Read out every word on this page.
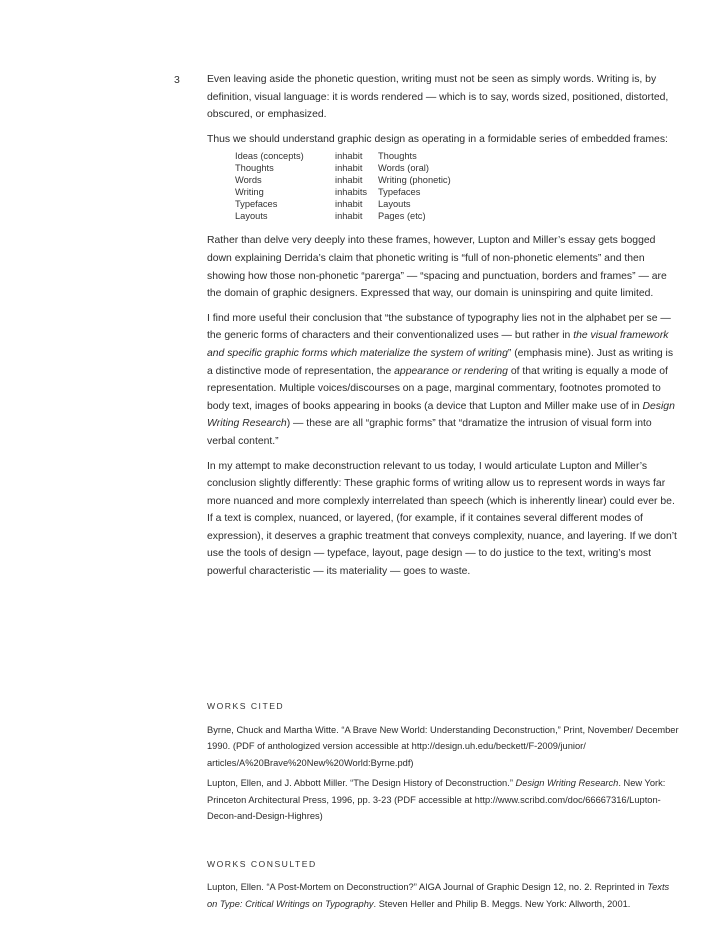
3	Even leaving aside the phonetic question, writing must not be seen as simply words. Writing is, by definition, visual language: it is words rendered — which is to say, words sized, positioned, distorted, obscured, or emphasized.

Thus we should understand graphic design as operating in a formidable series of embedded frames:

Ideas (concepts)	inhabit	Thoughts
Thoughts	inhabit	Words (oral)
Words	inhabit	Writing (phonetic)
Writing	inhabits	Typefaces
Typefaces	inhabit	Layouts
Layouts	inhabit	Pages (etc)

Rather than delve very deeply into these frames, however, Lupton and Miller’s essay gets bogged down explaining Derrida’s claim that phonetic writing is “full of non-phonetic elements” and then showing how those non-phonetic “parerga” — “spacing and punctuation, borders and frames” — are the domain of graphic designers. Expressed that way, our domain is uninspiring and quite limited.

I find more useful their conclusion that “the substance of typography lies not in the alphabet per se — the generic forms of characters and their conventionalized uses — but rather in the visual framework and specific graphic forms which materialize the system of writing” (emphasis mine). Just as writing is a distinctive mode of representation, the appearance or rendering of that writing is equally a mode of representation. Multiple voices/discourses on a page, marginal commentary, footnotes promoted to body text, images of books appearing in books (a device that Lupton and Miller make use of in Design Writing Research) — these are all “graphic forms” that “dramatize the intrusion of visual form into verbal content.”

In my attempt to make deconstruction relevant to us today, I would articulate Lupton and Miller’s conclusion slightly differently: These graphic forms of writing allow us to represent words in ways far more nuanced and more complexly interrelated than speech (which is inherently linear) could ever be. If a text is complex, nuanced, or layered, (for example, if it containes several different modes of expression), it deserves a graphic treatment that conveys complexity, nuance, and layering. If we don’t use the tools of design — typeface, layout, page design — to do justice to the text, writing’s most powerful characteristic — its materiality — goes to waste.

WORKS CITED

Byrne, Chuck and Martha Witte. “A Brave New World: Understanding Deconstruction,” Print, November/ December 1990. (PDF of anthologized version accessible at http://design.uh.edu/beckett/F-2009/junior/ articles/A%20Brave%20New%20World:Byrne.pdf)

Lupton, Ellen, and J. Abbott Miller. “The Design History of Deconstruction.” Design Writing Research. New York: Princeton Architectural Press, 1996, pp. 3-23 (PDF accessible at http://www.scribd.com/doc/66667316/Lupton-Decon-and-Design-Highres)

WORKS CONSULTED

Lupton, Ellen. “A Post-Mortem on Deconstruction?” AIGA Journal of Graphic Design 12, no. 2. Reprinted in Texts on Type: Critical Writings on Typography. Steven Heller and Philip B. Meggs. New York: Allworth, 2001.
